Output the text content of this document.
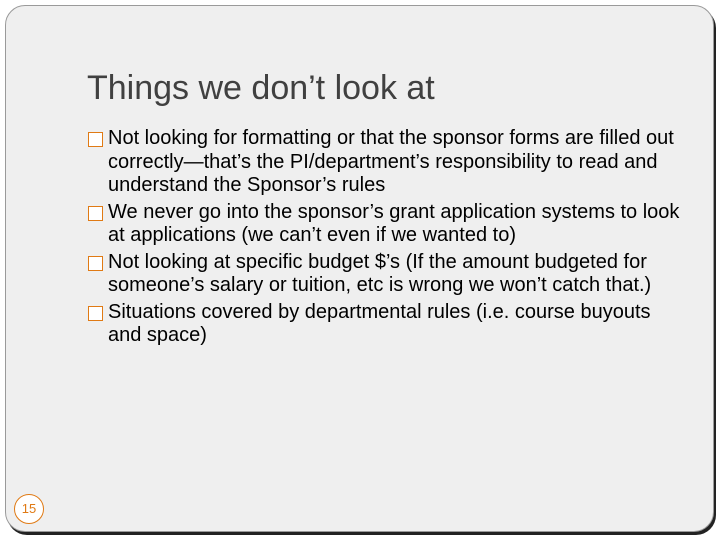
Things we don’t look at
Not looking for formatting or that the sponsor forms are filled out correctly—that’s the PI/department’s responsibility to read and understand the Sponsor’s rules
We never go into the sponsor’s grant application systems to look at applications (we can’t even if we wanted to)
Not looking at specific budget $’s (If the amount budgeted for someone’s salary or tuition, etc is wrong we won’t catch that.)
Situations covered by departmental rules (i.e. course buyouts and space)
15
